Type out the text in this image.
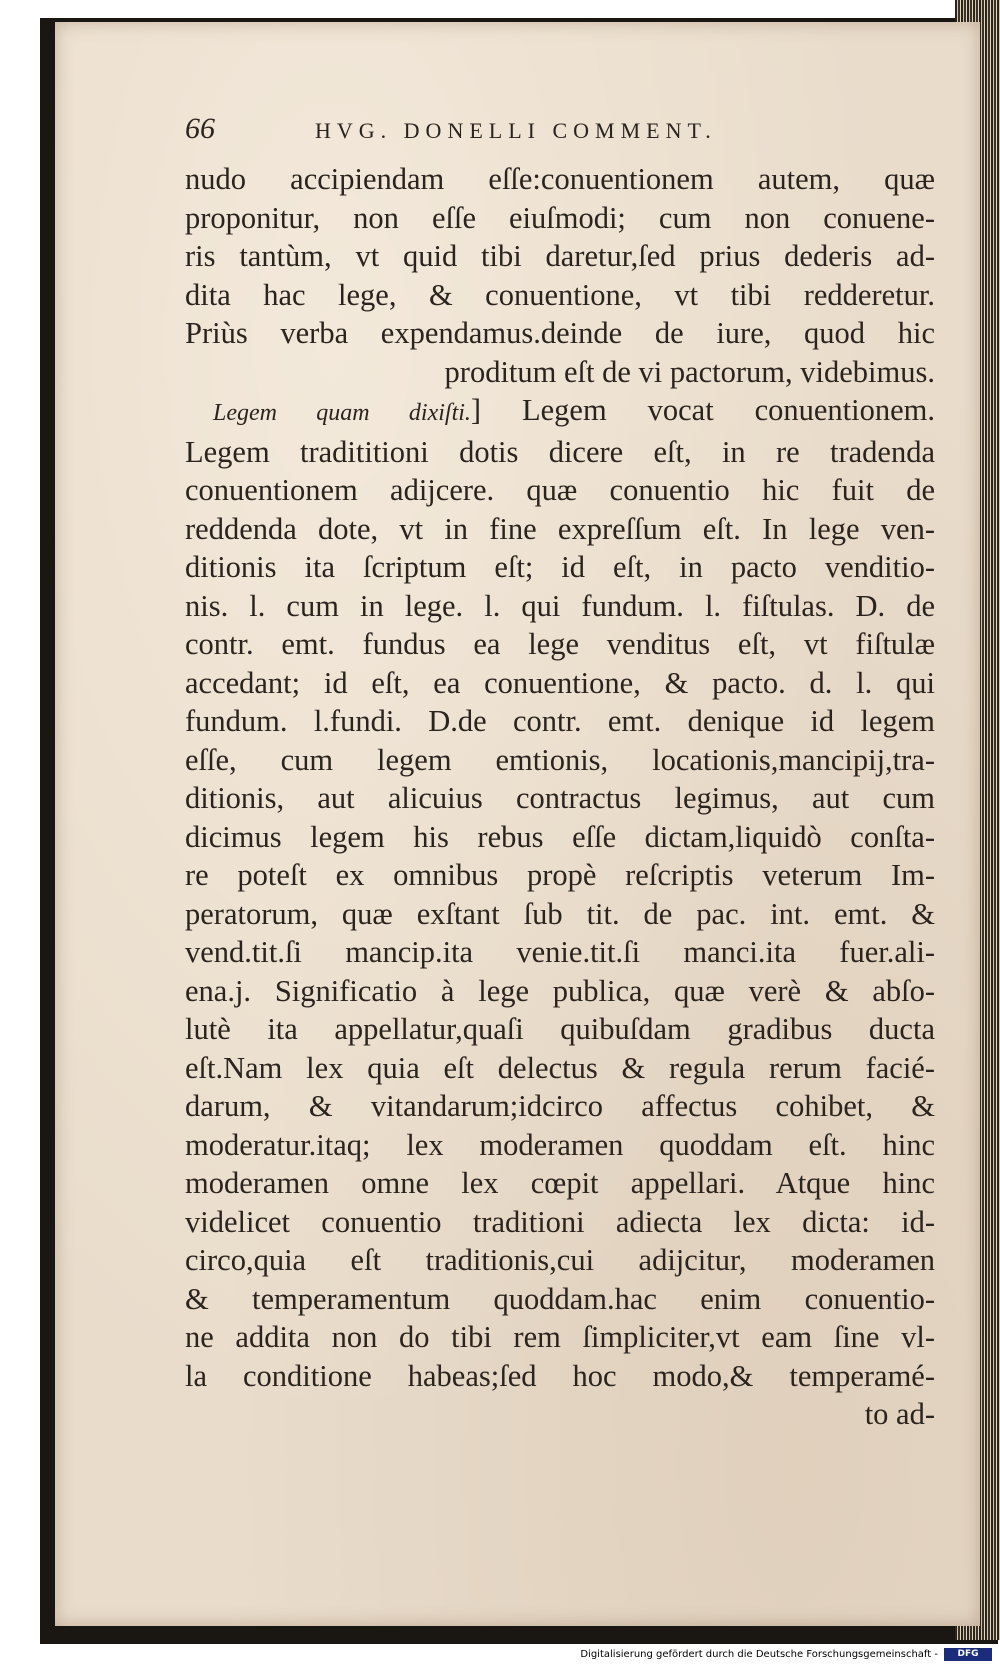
66	HVG. DONELLI COMMENT.
nudo accipiendam eſſe:conuentionem autem, quæ
proponitur, non eſſe eiuſmodi; cum non conuene-
ris tantùm, vt quid tibi daretur,ſed prius dederis ad-
dita hac lege, & conuentione, vt tibi redderetur.
Priùs verba expendamus.deinde de iure, quod hic
proditum eſt de vi pactorum, videbimus.
Legem quam dixiſti.] Legem vocat conuentionem.
Legem tradititioni dotis dicere eſt, in re tradenda
conuentionem adijcere. quæ conuentio hic fuit de
reddenda dote, vt in fine expreſſum eſt. In lege ven-
ditionis ita ſcriptum eſt; id eſt, in pacto venditio-
nis. l. cum in lege. l. qui fundum. l. fiſtulas. D. de
contr. emt. fundus ea lege venditus eſt, vt fiſtulæ
accedant; id eſt, ea conuentione, & pacto. d. l. qui
fundum. l.fundi. D.de contr. emt. denique id legem
eſſe, cum legem emtionis, locationis,mancipij,tra-
ditionis, aut alicuius contractus legimus, aut cum
dicimus legem his rebus eſſe dictam,liquidò conſta-
re poteſt ex omnibus propè reſcriptis veterum Im-
peratorum, quæ exſtant ſub tit. de pac. int. emt. &
vend.tit.ſi mancip.ita venie.tit.ſi manci.ita fuer.ali-
ena.j. Significatio à lege publica, quæ verè & abſo-
lutè ita appellatur,quaſi quibuſdam gradibus ducta
eſt.Nam lex quia eſt delectus & regula rerum facié-
darum, & vitandarum;idcirco affectus cohibet, &
moderatur.itaq; lex moderamen quoddam eſt. hinc
moderamen omne lex cœpit appellari. Atque hinc
videlicet conuentio traditioni adiecta lex dicta: id-
circo,quia eſt traditionis,cui adijcitur, moderamen
& temperamentum quoddam.hac enim conuentio-
ne addita non do tibi rem ſimpliciter,vt eam ſine vl-
la conditione habeas;ſed hoc modo,& temperamé-
to ad-
Digitalisierung gefördert durch die Deutsche Forschungsgemeinschaft -	DFG
